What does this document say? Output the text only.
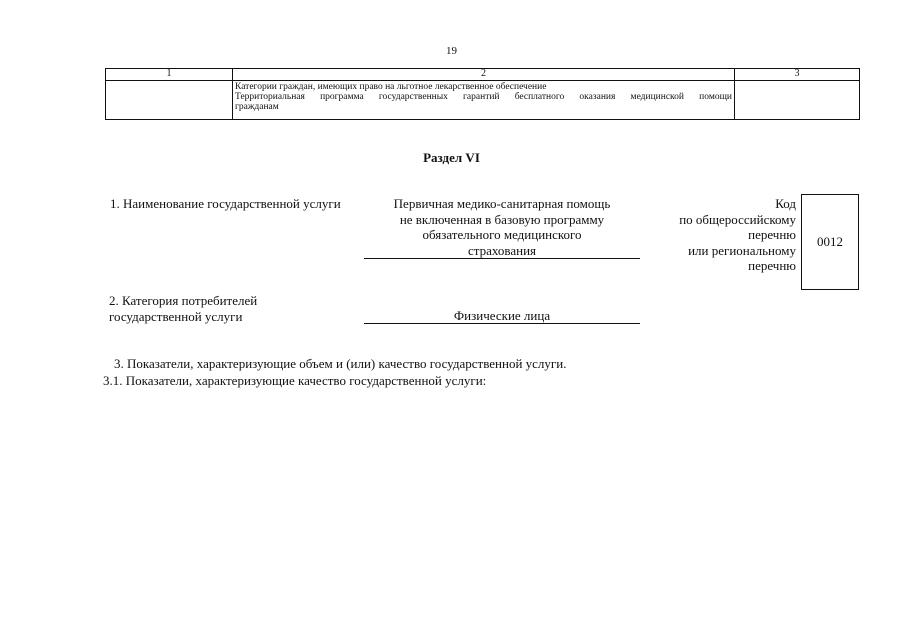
19
1	2	3

	Категории граждан, имеющих право на льготное лекарственное обеспечение
Территориальная программа государственных гарантий бесплатного оказания медицинской помощи
гражданам	

Раздел VI
1. Наименование государственной услуги	Первичная медико-санитарная помощь
не включенная в базовую программу
обязательного медицинского
страхования
Код
по общероссийскому
перечню
или региональному
перечню
0012
2. Категория потребителей
государственной услуги	Физические лица
3. Показатели, характеризующие объем и (или) качество государственной услуги.
3.1. Показатели, характеризующие качество государственной услуги:
